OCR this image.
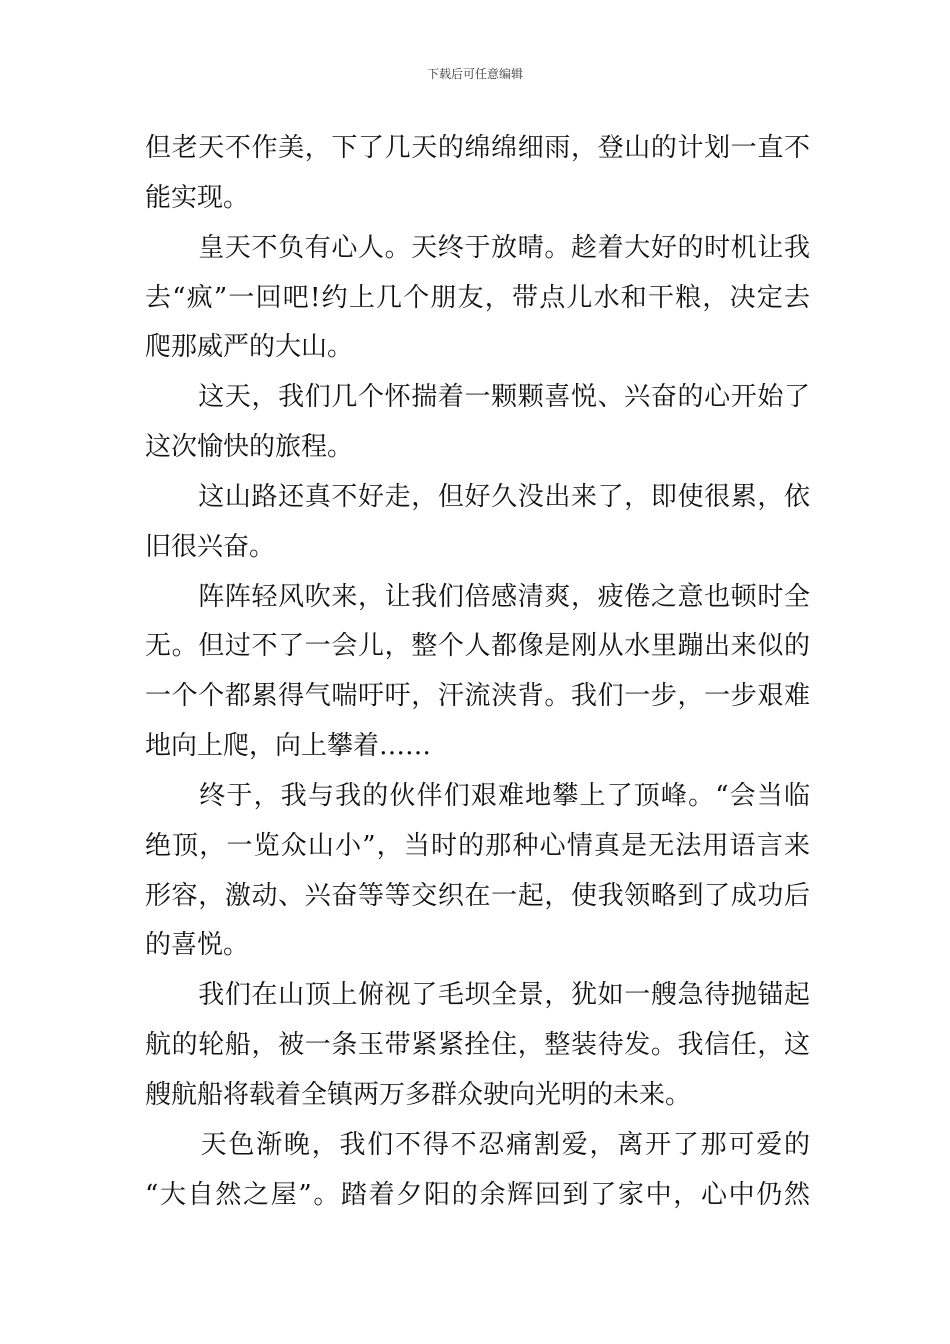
下载后可任意编辑
但老天不作美，下了几天的绵绵细雨，登山的计划一直不
能实现。
　　皇天不负有心人。天终于放晴。趁着大好的时机让我
去“疯”一回吧!约上几个朋友，带点儿水和干粮，决定去
爬那威严的大山。
　　这天，我们几个怀揣着一颗颗喜悦、兴奋的心开始了
这次愉快的旅程。
　　这山路还真不好走，但好久没出来了，即使很累，依
旧很兴奋。
　　阵阵轻风吹来，让我们倍感清爽，疲倦之意也顿时全
无。但过不了一会儿，整个人都像是刚从水里蹦出来似的
一个个都累得气喘吁吁，汗流浃背。我们一步，一步艰难
地向上爬，向上攀着……
　　终于，我与我的伙伴们艰难地攀上了顶峰。“会当临
绝顶，一览众山小”，当时的那种心情真是无法用语言来
形容，激动、兴奋等等交织在一起，使我领略到了成功后
的喜悦。
　　我们在山顶上俯视了毛坝全景，犹如一艘急待抛锚起
航的轮船，被一条玉带紧紧拴住，整装待发。我信任，这
艘航船将载着全镇两万多群众驶向光明的未来。
　　天色渐晚，我们不得不忍痛割爱，离开了那可爱的
“大自然之屋”。踏着夕阳的余辉回到了家中，心中仍然
